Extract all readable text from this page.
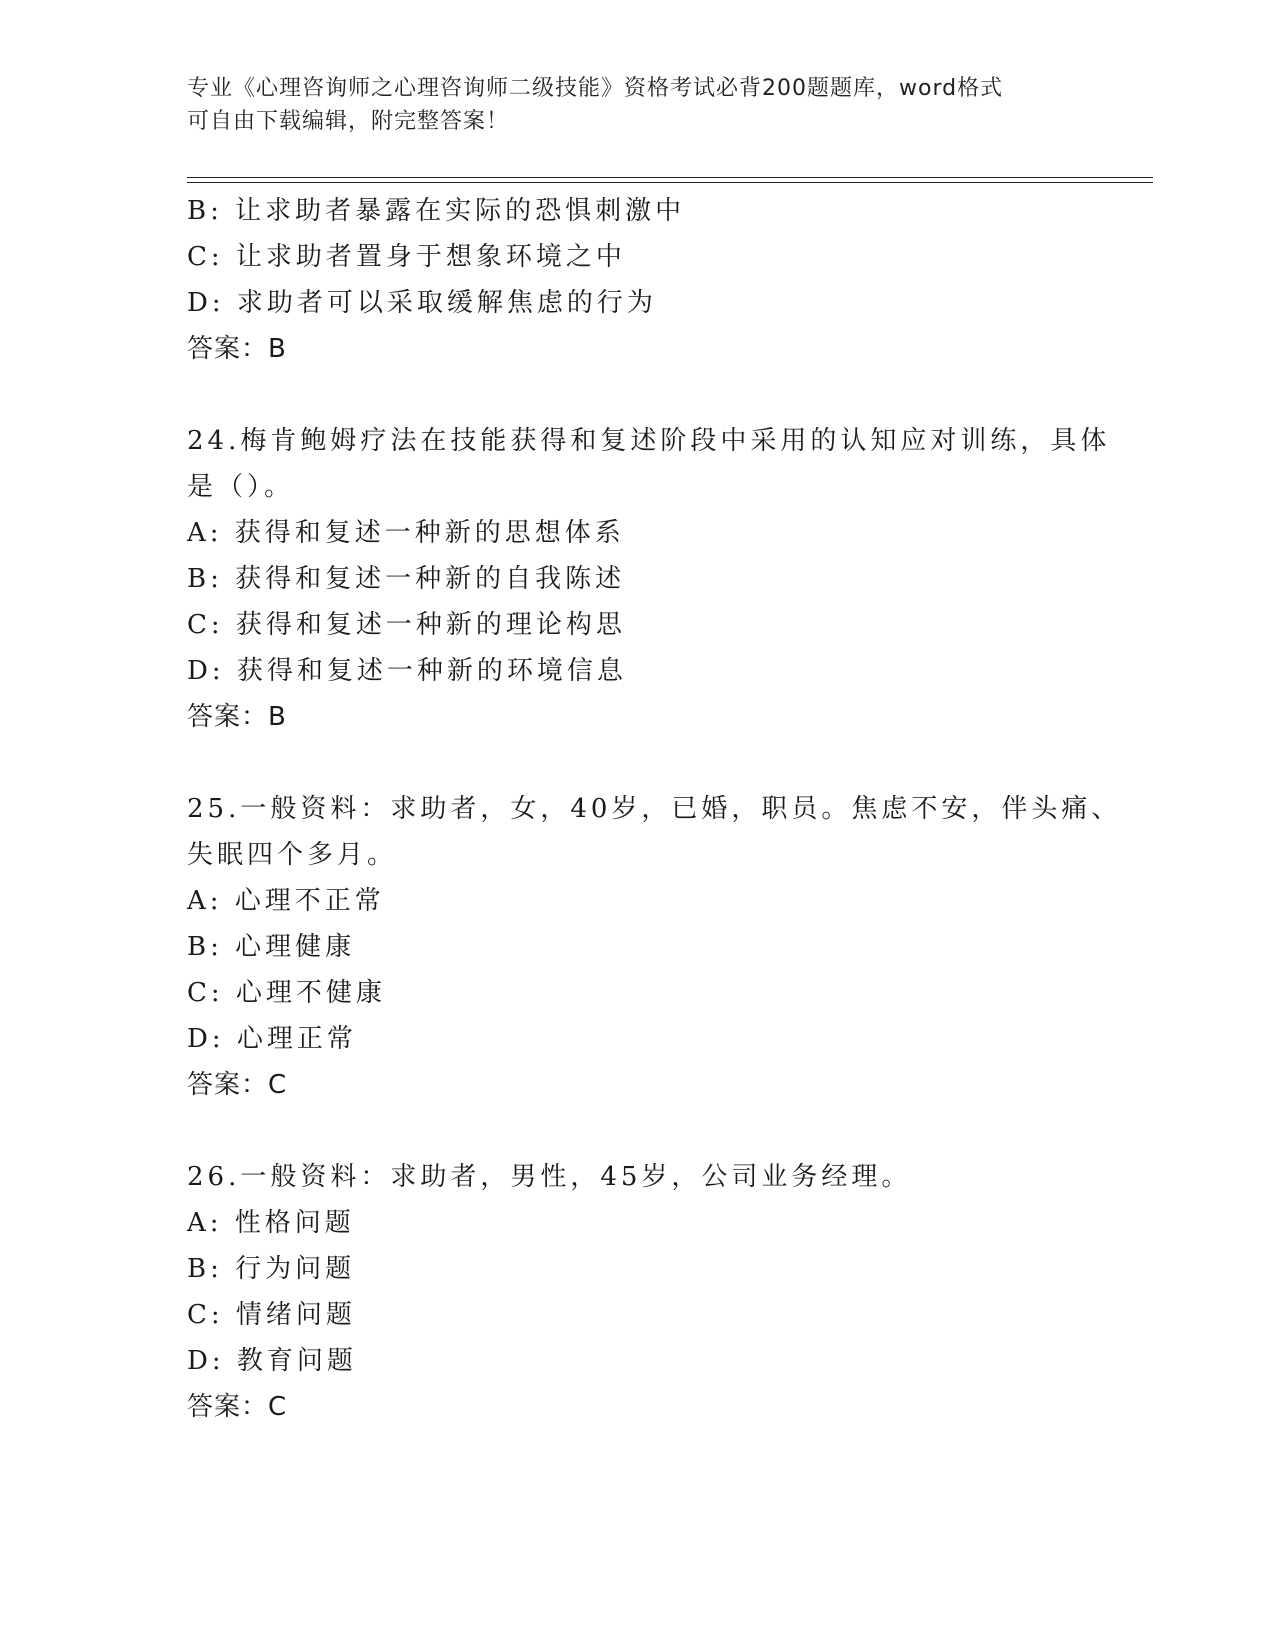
专业《心理咨询师之心理咨询师二级技能》资格考试必背200题题库，word格式
可自由下载编辑，附完整答案！
B: 让求助者暴露在实际的恐惧刺激中
C: 让求助者置身于想象环境之中
D: 求助者可以采取缓解焦虑的行为
答案：B
24.梅肯鲍姆疗法在技能获得和复述阶段中采用的认知应对训练，具体
是（）。
A: 获得和复述一种新的思想体系
B: 获得和复述一种新的自我陈述
C: 获得和复述一种新的理论构思
D: 获得和复述一种新的环境信息
答案：B
25.一般资料：求助者，女，40岁，已婚，职员。焦虑不安，伴头痛、
失眠四个多月。
A: 心理不正常
B: 心理健康
C: 心理不健康
D: 心理正常
答案：C
26.一般资料：求助者，男性，45岁，公司业务经理。
A: 性格问题
B: 行为问题
C: 情绪问题
D: 教育问题
答案：C
